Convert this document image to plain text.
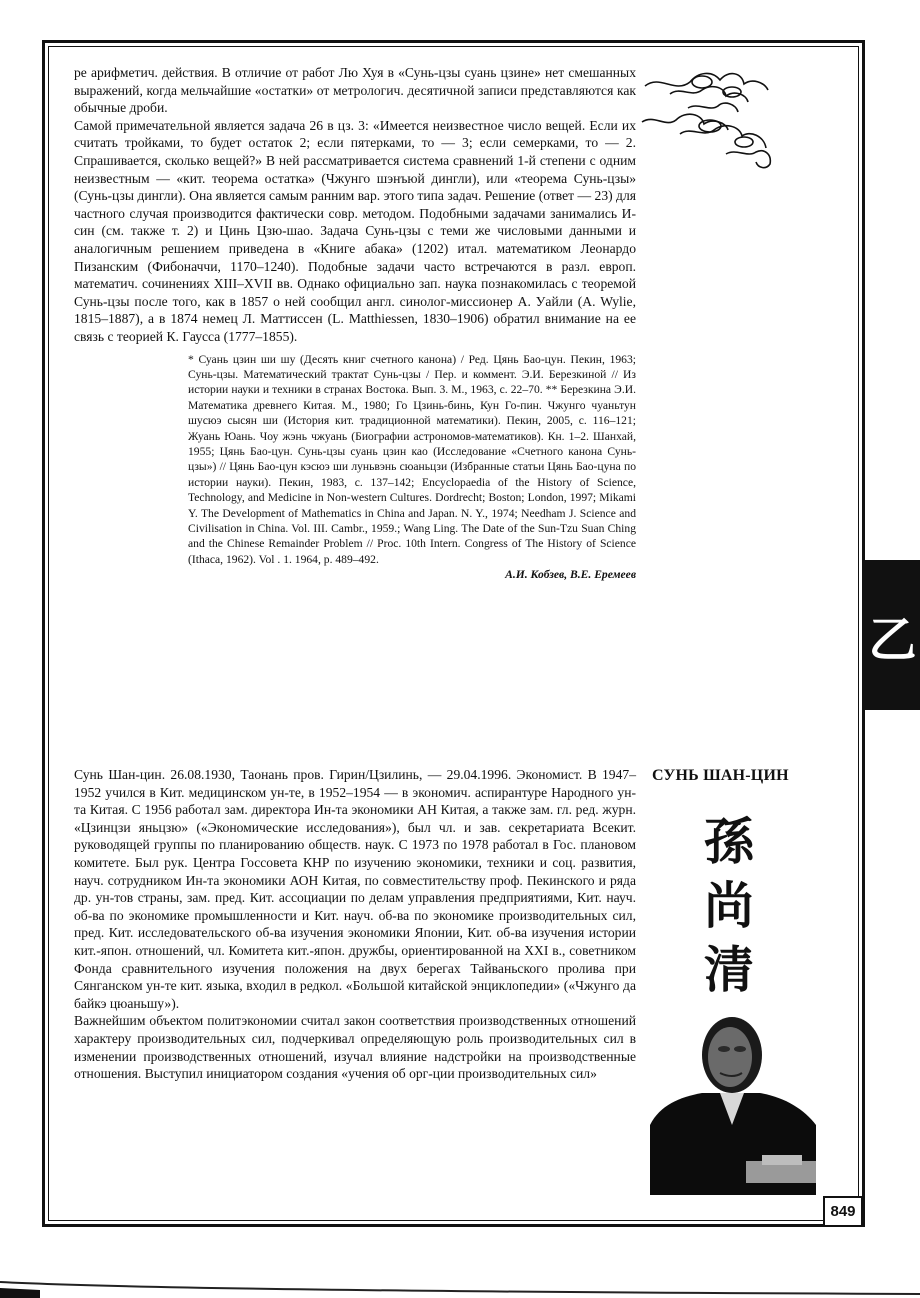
ре арифметич. действия. В отличие от работ Лю Хуя в «Сунь-цзы суань цзине» нет смешанных выражений, когда мельчайшие «остатки» от метрологич. десятичной записи представляются как обычные дроби.

Самой примечательной является задача 26 в цз. 3: «Имеется неизвестное число вещей. Если их считать тройками, то будет остаток 2; если пятерками, то — 3; если семерками, то — 2. Спрашивается, сколько вещей?» В ней рассматривается система сравнений 1-й степени с одним неизвестным — «кит. теорема остатка» (Чжунго шэнъюй дингли), или «теорема Сунь-цзы» (Сунь-цзы дингли). Она является самым ранним вар. этого типа задач. Решение (ответ — 23) для частного случая производится фактически совр. методом. Подобными задачами занимались И-син (см. также т. 2) и Цинь Цзю-шао. Задача Сунь-цзы с теми же числовыми данными и аналогичным решением приведена в «Книге абака» (1202) итал. математиком Леонардо Пизанским (Фибоначчи, 1170–1240). Подобные задачи часто встречаются в разл. европ. математич. сочинениях XIII–XVII вв. Однако официально зап. наука познакомилась с теоремой Сунь-цзы после того, как в 1857 о ней сообщил англ. синолог-миссионер А. Уайли (A. Wylie, 1815–1887), а в 1874 немец Л. Маттиссен (L. Matthiessen, 1830–1906) обратил внимание на ее связь с теорией К. Гаусса (1777–1855).

* Суань цзин ши шу (Десять книг счетного канона) / Ред. Цянь Бао-цун. Пекин, 1963; Сунь-цзы. Математический трактат Сунь-цзы / Пер. и коммент. Э.И. Березкиной // Из истории науки и техники в странах Востока. Вып. 3. М., 1963, с. 22–70. ** Березкина Э.И. Математика древнего Китая. М., 1980; Го Цзинь-бинь, Кун Го-пин. Чжунго чуаньтун шусюэ сысян ши (История кит. традиционной математики). Пекин, 2005, с. 116–121; Жуань Юань. Чоу жэнь чжуань (Биографии астрономов-математиков). Кн. 1–2. Шанхай, 1955; Цянь Бао-цун. Сунь-цзы суань цзин као (Исследование «Счетного канона Сунь-цзы») // Цянь Бао-цун кэсюэ ши луньвэнь сюаньцзи (Избранные статьи Цянь Бао-цуна по истории науки). Пекин, 1983, с. 137–142; Encyclopaedia of the History of Science, Technology, and Medicine in Non-western Cultures. Dordrecht; Boston; London, 1997; Mikami Y. The Development of Mathematics in China and Japan. N. Y., 1974; Needham J. Science and Civilisation in China. Vol. III. Cambr., 1959.; Wang Ling. The Date of the Sun-Tzu Suan Ching and the Chinese Remainder Problem // Proc. 10th Intern. Congress of The History of Science (Ithaca, 1962). Vol . 1. 1964, p. 489–492.

А.И. Кобзев, В.Е. Еремеев

Сунь Шан-цин. 26.08.1930, Таонань пров. Гирин/Цзилинь, — 29.04.1996. Экономист. В 1947–1952 учился в Кит. медицинском ун-те, в 1952–1954 — в экономич. аспирантуре Народного ун-та Китая. С 1956 работал зам. директора Ин-та экономики АН Китая, а также зам. гл. ред. журн. «Цзинцзи яньцзю» («Экономические исследования»), был чл. и зав. секретариата Всекит. руководящей группы по планированию обществ. наук. С 1973 по 1978 работал в Гос. плановом комитете. Был рук. Центра Госсовета КНР по изучению экономики, техники и соц. развития, науч. сотрудником Ин-та экономики АОН Китая, по совместительству проф. Пекинского и ряда др. ун-тов страны, зам. пред. Кит. ассоциации по делам управления предприятиями, Кит. науч. об-ва по экономике промышленности и Кит. науч. об-ва по экономике производительных сил, пред. Кит. исследовательского об-ва изучения экономики Японии, Кит. об-ва изучения истории кит.-япон. отношений, чл. Комитета кит.-япон. дружбы, ориентированной на XXI в., советником Фонда сравнительного изучения положения на двух берегах Тайваньского пролива при Сянганском ун-те кит. языка, входил в редкол. «Большой китайской энциклопедии» («Чжунго да байкэ цюаньшу»).

Важнейшим объектом политэкономии считал закон соответствия производственных отношений характеру производительных сил, подчеркивал определяющую роль производительных сил в изменении производственных отношений, изучал влияние надстройки на производственные отношения. Выступил инициатором создания «учения об орг-ции производительных сил»

СУНЬ ШАН-ЦИН
孫
尚
清
乙
849
